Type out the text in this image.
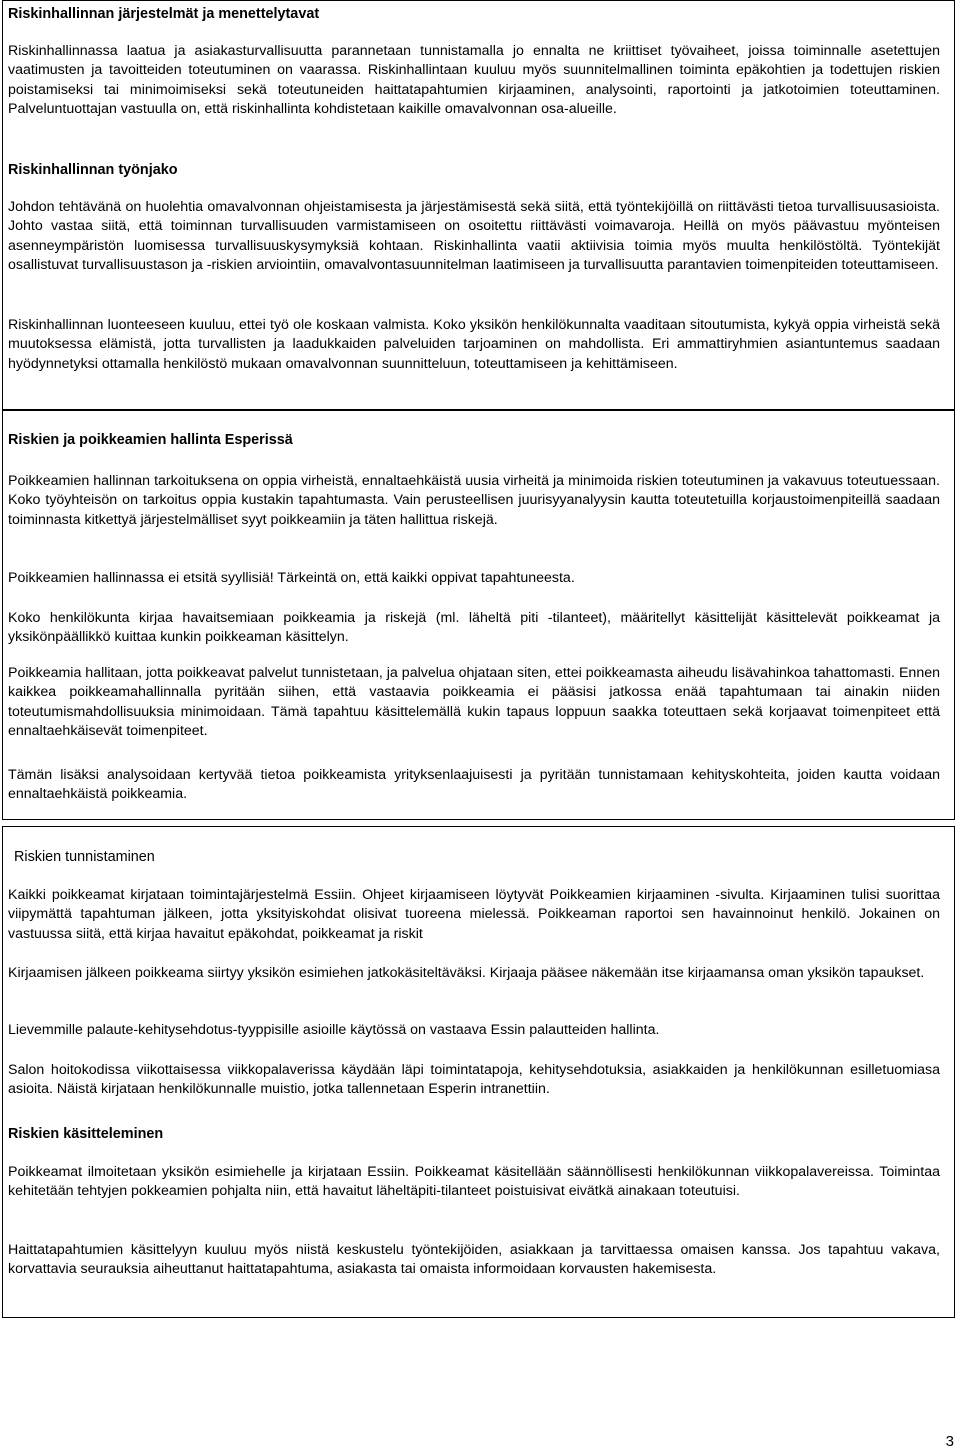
Riskinhallinnan järjestelmät ja menettelytavat

Riskinhallinnassa laatua ja asiakasturvallisuutta parannetaan tunnistamalla jo ennalta ne kriittiset työvaiheet, joissa toiminnalle asetettujen vaatimusten ja tavoitteiden toteutuminen on vaarassa. Riskinhallintaan kuuluu myös suunnitelmallinen toiminta epäkohtien ja todettujen riskien poistamiseksi tai minimoimiseksi sekä toteutuneiden haittatapahtumien kirjaaminen, analysointi, raportointi ja jatkotoimien toteuttaminen. Palveluntuottajan vastuulla on, että riskinhallinta kohdistetaan kaikille omavalvonnan osa-alueille.

Riskinhallinnan työnjako

Johdon tehtävänä on huolehtia omavalvonnan ohjeistamisesta ja järjestämisestä sekä siitä, että työntekijöillä on riittävästi tietoa turvallisuusasioista. Johto vastaa siitä, että toiminnan turvallisuuden varmistamiseen on osoitettu riittävästi voimavaroja. Heillä on myös päävastuu myönteisen asenneympäristön luomisessa turvallisuuskysymyksiä kohtaan. Riskinhallinta vaatii aktiivisia toimia myös muulta henkilöstöltä. Työntekijät osallistuvat turvallisuustason ja -riskien arviointiin, omavalvontasuunnitelman laatimiseen ja turvallisuutta parantavien toimenpiteiden toteuttamiseen.

Riskinhallinnan luonteeseen kuuluu, ettei työ ole koskaan valmista. Koko yksikön henkilökunnalta vaaditaan sitoutumista, kykyä oppia virheistä sekä muutoksessa elämistä, jotta turvallisten ja laadukkaiden palveluiden tarjoaminen on mahdollista. Eri ammattiryhmien asiantuntemus saadaan hyödynnetyksi ottamalla henkilöstö mukaan omavalvonnan suunnitteluun, toteuttamiseen ja kehittämiseen.

Riskien ja poikkeamien hallinta Esperissä

Poikkeamien hallinnan tarkoituksena on oppia virheistä, ennaltaehkäistä uusia virheitä ja minimoida riskien toteutuminen ja vakavuus toteutuessaan. Koko työyhteisön on tarkoitus oppia kustakin tapahtumasta. Vain perusteellisen juurisyyanalyysin kautta toteutetuilla korjaustoimenpiteillä saadaan toiminnasta kitkettyä järjestelmälliset syyt poikkeamiin ja täten hallittua riskejä.

Poikkeamien hallinnassa ei etsitä syyllisiä! Tärkeintä on, että kaikki oppivat tapahtuneesta.

Koko henkilökunta kirjaa havaitsemiaan poikkeamia ja riskejä (ml. läheltä piti -tilanteet), määritellyt käsittelijät käsittelevät poikkeamat ja yksikönpäällikkö kuittaa kunkin poikkeaman käsittelyn.

Poikkeamia hallitaan, jotta poikkeavat palvelut tunnistetaan, ja palvelua ohjataan siten, ettei poikkeamasta aiheudu lisävahinkoa tahattomasti. Ennen kaikkea poikkeamahallinnalla pyritään siihen, että vastaavia poikkeamia ei pääsisi jatkossa enää tapahtumaan tai ainakin niiden toteutumismahdollisuuksia minimoidaan. Tämä tapahtuu käsittelemällä kukin tapaus loppuun saakka toteuttaen sekä korjaavat toimenpiteet että ennaltaehkäisevät toimenpiteet.

Tämän lisäksi analysoidaan kertyvää tietoa poikkeamista yrityksenlaajuisesti ja pyritään tunnistamaan kehityskohteita, joiden kautta voidaan ennaltaehkäistä poikkeamia.

Riskien tunnistaminen

Kaikki poikkeamat kirjataan toimintajärjestelmä Essiin. Ohjeet kirjaamiseen löytyvät Poikkeamien kirjaaminen -sivulta. Kirjaaminen tulisi suorittaa viipymättä tapahtuman jälkeen, jotta yksityiskohdat olisivat tuoreena mielessä. Poikkeaman raportoi sen havainnoinut henkilö. Jokainen on vastuussa siitä, että kirjaa havaitut epäkohdat, poikkeamat ja riskit

Kirjaamisen jälkeen poikkeama siirtyy yksikön esimiehen jatkokäsiteltäväksi. Kirjaaja pääsee näkemään itse kirjaamansa oman yksikön tapaukset.

Lievemmille palaute-kehitysehdotus-tyyppisille asioille käytössä on vastaava Essin palautteiden hallinta.

Salon hoitokodissa viikottaisessa viikkopalaverissa käydään läpi toimintatapoja, kehitysehdotuksia, asiakkaiden ja henkilökunnan esilletuomiasa asioita. Näistä kirjataan henkilökunnalle muistio, jotka tallennetaan Esperin intranettiin.

Riskien käsitteleminen

Poikkeamat ilmoitetaan yksikön esimiehelle ja kirjataan Essiin. Poikkeamat käsitellään säännöllisesti henkilökunnan viikkopalavereissa. Toimintaa kehitetään tehtyjen pokkeamien pohjalta niin, että havaitut läheltäpiti-tilanteet poistuisivat eivätkä ainakaan toteutuisi.

Haittatapahtumien käsittelyyn kuuluu myös niistä keskustelu työntekijöiden, asiakkaan ja tarvittaessa omaisen kanssa. Jos tapahtuu vakava, korvattavia seurauksia aiheuttanut haittatapahtuma, asiakasta tai omaista informoidaan korvausten hakemisesta.

3
